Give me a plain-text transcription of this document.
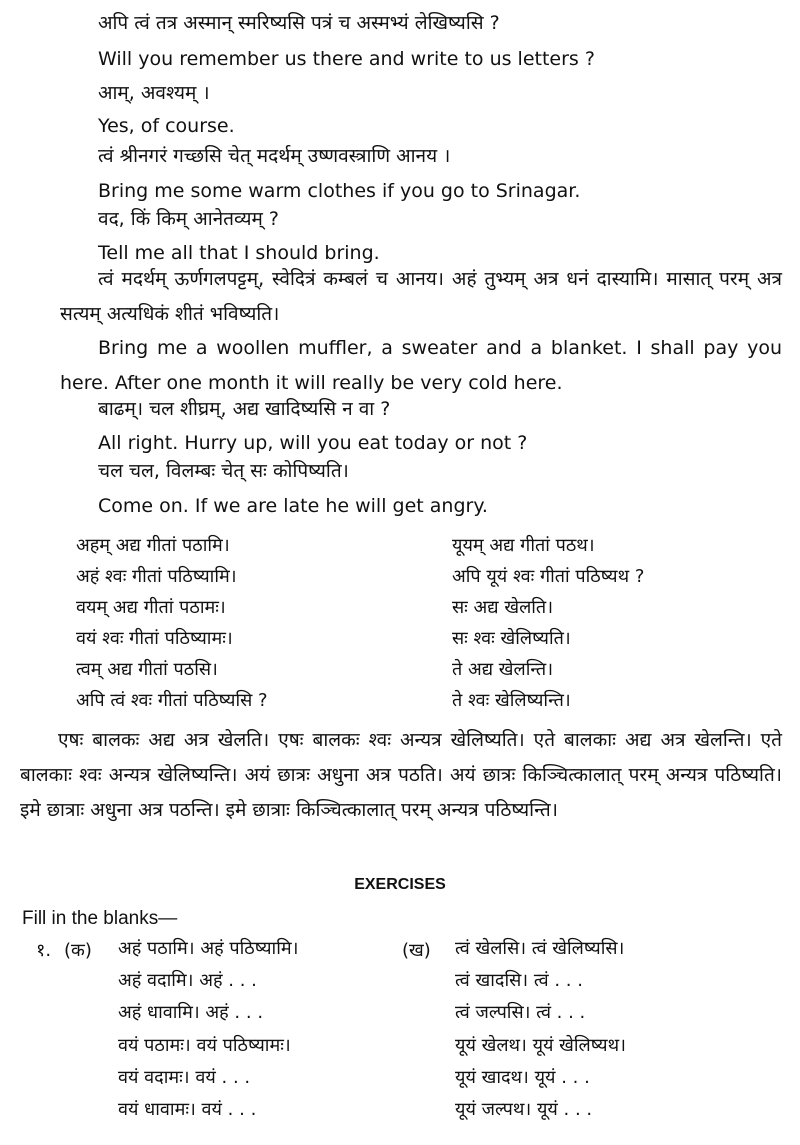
अपि त्वं तत्र अस्मान् स्मरिष्यसि पत्रं च अस्मभ्यं लेखिष्यसि ?
Will you remember us there and write to us letters ?
आम्, अवश्यम् ।
Yes, of course.
त्वं श्रीनगरं गच्छसि चेत् मदर्थम् उष्णवस्त्राणि आनय ।
Bring me some warm clothes if you go to Srinagar.
वद, किं किम् आनेतव्यम् ?
Tell me all that I should bring.
त्वं मदर्थम् ऊर्णगलपट्टम्, स्वेदित्रं कम्बलं च आनय। अहं तुभ्यम् अत्र धनं दास्यामि। मासात् परम् अत्र सत्यम् अत्यधिकं शीतं भविष्यति।
Bring me a woollen muffler, a sweater and a blanket. I shall pay you here. After one month it will really be very cold here.
बाढम्। चल शीघ्रम्, अद्य खादिष्यसि न वा ?
All right. Hurry up, will you eat today or not ?
चल चल, विलम्बः चेत् सः कोपिष्यति।
Come on. If we are late he will get angry.
अहम् अद्य गीतां पठामि।
अहं श्वः गीतां पठिष्यामि।
वयम् अद्य गीतां पठामः।
वयं श्वः गीतां पठिष्यामः।
त्वम् अद्य गीतां पठसि।
अपि त्वं श्वः गीतां पठिष्यसि ?
यूयम् अद्य गीतां पठथ।
अपि यूयं श्वः गीतां पठिष्यथ ?
सः अद्य खेलति।
सः श्वः खेलिष्यति।
ते अद्य खेलन्ति।
ते श्वः खेलिष्यन्ति।
एषः बालकः अद्य अत्र खेलति। एषः बालकः श्वः अन्यत्र खेलिष्यति। एते बालकाः अद्य अत्र खेलन्ति। एते बालकाः श्वः अन्यत्र खेलिष्यन्ति। अयं छात्रः अधुना अत्र पठति। अयं छात्रः किञ्चित्कालात् परम् अन्यत्र पठिष्यति। इमे छात्राः अधुना अत्र पठन्ति। इमे छात्राः किञ्चित्कालात् परम् अन्यत्र पठिष्यन्ति।
EXERCISES
Fill in the blanks—
१. (क)	(ख)
अहं पठामि। अहं पठिष्यामि।
अहं वदामि। अहं . . .
अहं धावामि। अहं . . .
वयं पठामः। वयं पठिष्यामः।
वयं वदामः। वयं . . .
वयं धावामः। वयं . . .
त्वं खेलसि। त्वं खेलिष्यसि।
त्वं खादसि। त्वं . . .
त्वं जल्पसि। त्वं . . .
यूयं खेलथ। यूयं खेलिष्यथ।
यूयं खादथ। यूयं . . .
यूयं जल्पथ। यूयं . . .
